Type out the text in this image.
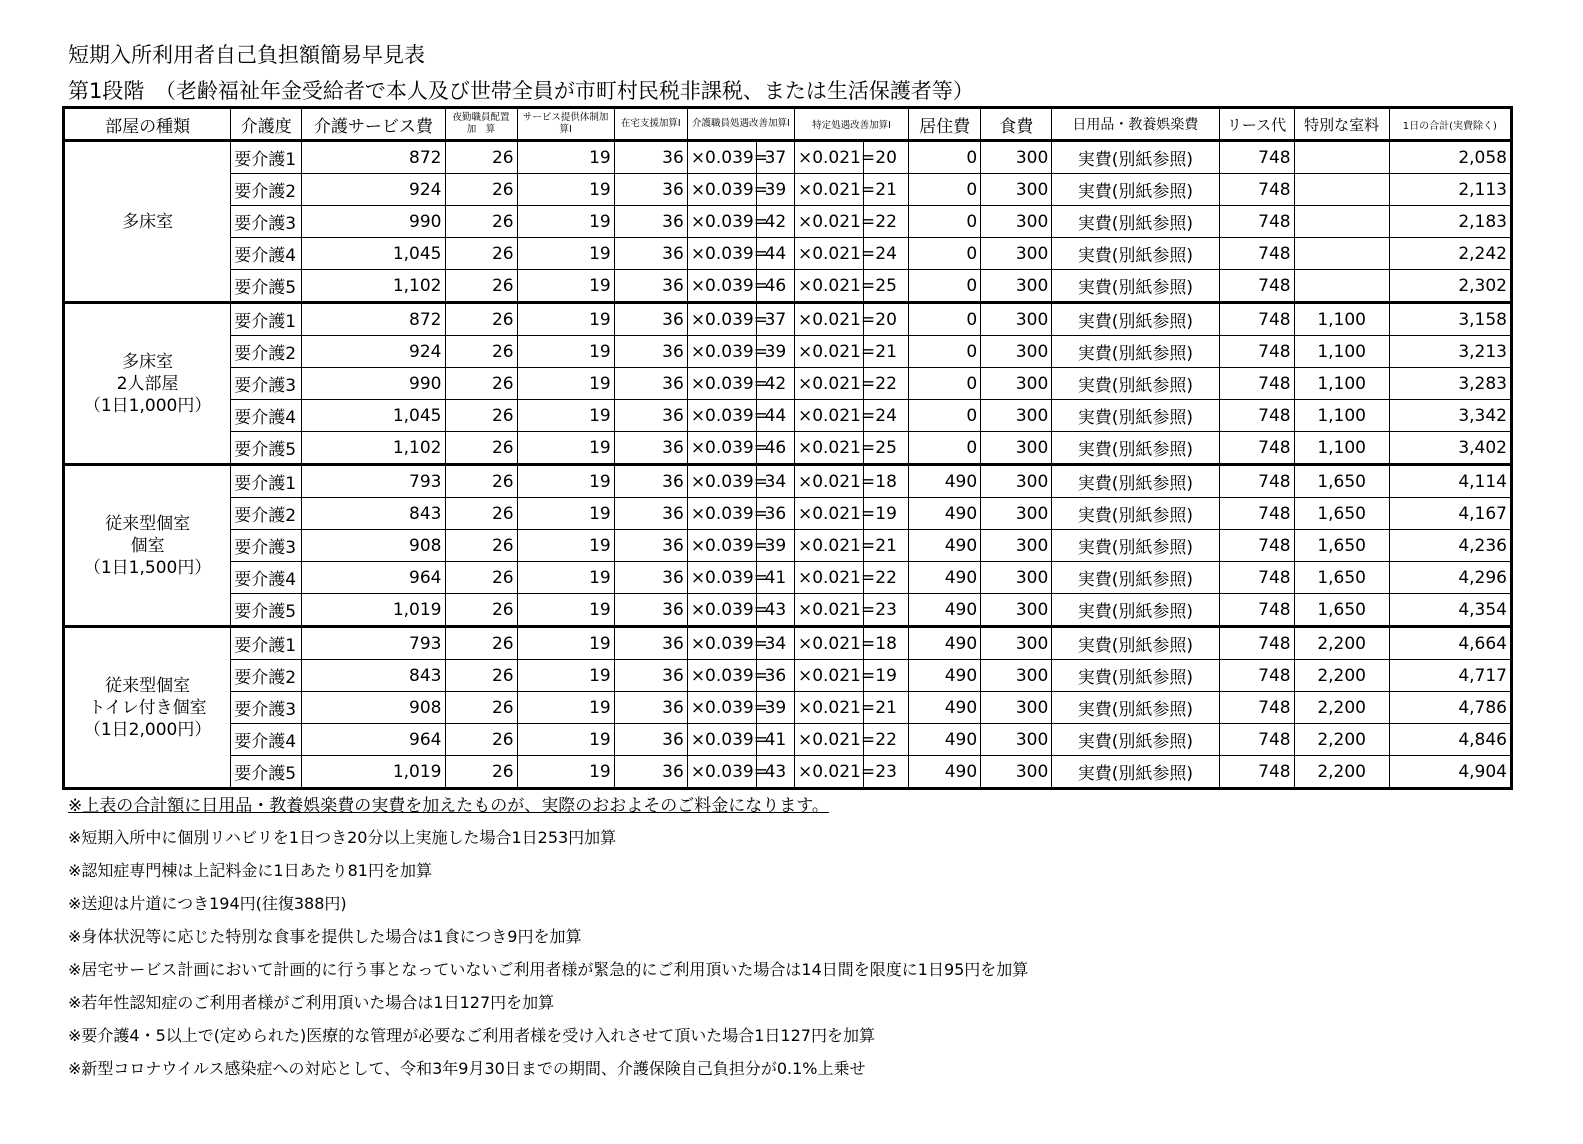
短期入所利用者自己負担額簡易早見表
第1段階　（老齢福祉年金受給者で本人及び世帯全員が市町村民税非課税、または生活保護者等）
部屋の種類	介護度	介護サービス費	夜勤職員配置　加　算	サービス提供体制加算Ⅰ	在宅支援加算Ⅰ	介護職員処遇改善加算Ⅰ		特定処遇改善加算Ⅰ		居住費	食費	日用品・教養娯楽費	リース代	特別な室料	1日の合計(実費除く)

多床室	要介護1	872	26	19	36	×0.039=	37	×0.021=	20	0	300	実費(別紙参照)	748		2,058
	要介護2	924	26	19	36	×0.039=	39	×0.021=	21	0	300	実費(別紙参照)	748		2,113
	要介護3	990	26	19	36	×0.039=	42	×0.021=	22	0	300	実費(別紙参照)	748		2,183
	要介護4	1,045	26	19	36	×0.039=	44	×0.021=	24	0	300	実費(別紙参照)	748		2,242
	要介護5	1,102	26	19	36	×0.039=	46	×0.021=	25	0	300	実費(別紙参照)	748		2,302

多床室
2人部屋
（1日1,000円）	要介護1	872	26	19	36	×0.039=	37	×0.021=	20	0	300	実費(別紙参照)	748	1,100	3,158
	要介護2	924	26	19	36	×0.039=	39	×0.021=	21	0	300	実費(別紙参照)	748	1,100	3,213
	要介護3	990	26	19	36	×0.039=	42	×0.021=	22	0	300	実費(別紙参照)	748	1,100	3,283
	要介護4	1,045	26	19	36	×0.039=	44	×0.021=	24	0	300	実費(別紙参照)	748	1,100	3,342
	要介護5	1,102	26	19	36	×0.039=	46	×0.021=	25	0	300	実費(別紙参照)	748	1,100	3,402

従来型個室
個室
（1日1,500円）	要介護1	793	26	19	36	×0.039=	34	×0.021=	18	490	300	実費(別紙参照)	748	1,650	4,114
	要介護2	843	26	19	36	×0.039=	36	×0.021=	19	490	300	実費(別紙参照)	748	1,650	4,167
	要介護3	908	26	19	36	×0.039=	39	×0.021=	21	490	300	実費(別紙参照)	748	1,650	4,236
	要介護4	964	26	19	36	×0.039=	41	×0.021=	22	490	300	実費(別紙参照)	748	1,650	4,296
	要介護5	1,019	26	19	36	×0.039=	43	×0.021=	23	490	300	実費(別紙参照)	748	1,650	4,354

従来型個室
トイレ付き個室
（1日2,000円）	要介護1	793	26	19	36	×0.039=	34	×0.021=	18	490	300	実費(別紙参照)	748	2,200	4,664
	要介護2	843	26	19	36	×0.039=	36	×0.021=	19	490	300	実費(別紙参照)	748	2,200	4,717
	要介護3	908	26	19	36	×0.039=	39	×0.021=	21	490	300	実費(別紙参照)	748	2,200	4,786
	要介護4	964	26	19	36	×0.039=	41	×0.021=	22	490	300	実費(別紙参照)	748	2,200	4,846
	要介護5	1,019	26	19	36	×0.039=	43	×0.021=	23	490	300	実費(別紙参照)	748	2,200	4,904
※上表の合計額に日用品・教養娯楽費の実費を加えたものが、実際のおおよそのご料金になります。
※短期入所中に個別リハビリを1日つき20分以上実施した場合1日253円加算
※認知症専門棟は上記料金に1日あたり81円を加算
※送迎は片道につき194円(往復388円)
※身体状況等に応じた特別な食事を提供した場合は1食につき9円を加算
※居宅サービス計画において計画的に行う事となっていないご利用者様が緊急的にご利用頂いた場合は14日間を限度に1日95円を加算
※若年性認知症のご利用者様がご利用頂いた場合は1日127円を加算
※要介護4・5以上で(定められた)医療的な管理が必要なご利用者様を受け入れさせて頂いた場合1日127円を加算
※新型コロナウイルス感染症への対応として、令和3年9月30日までの期間、介護保険自己負担分が0.1%上乗せ
